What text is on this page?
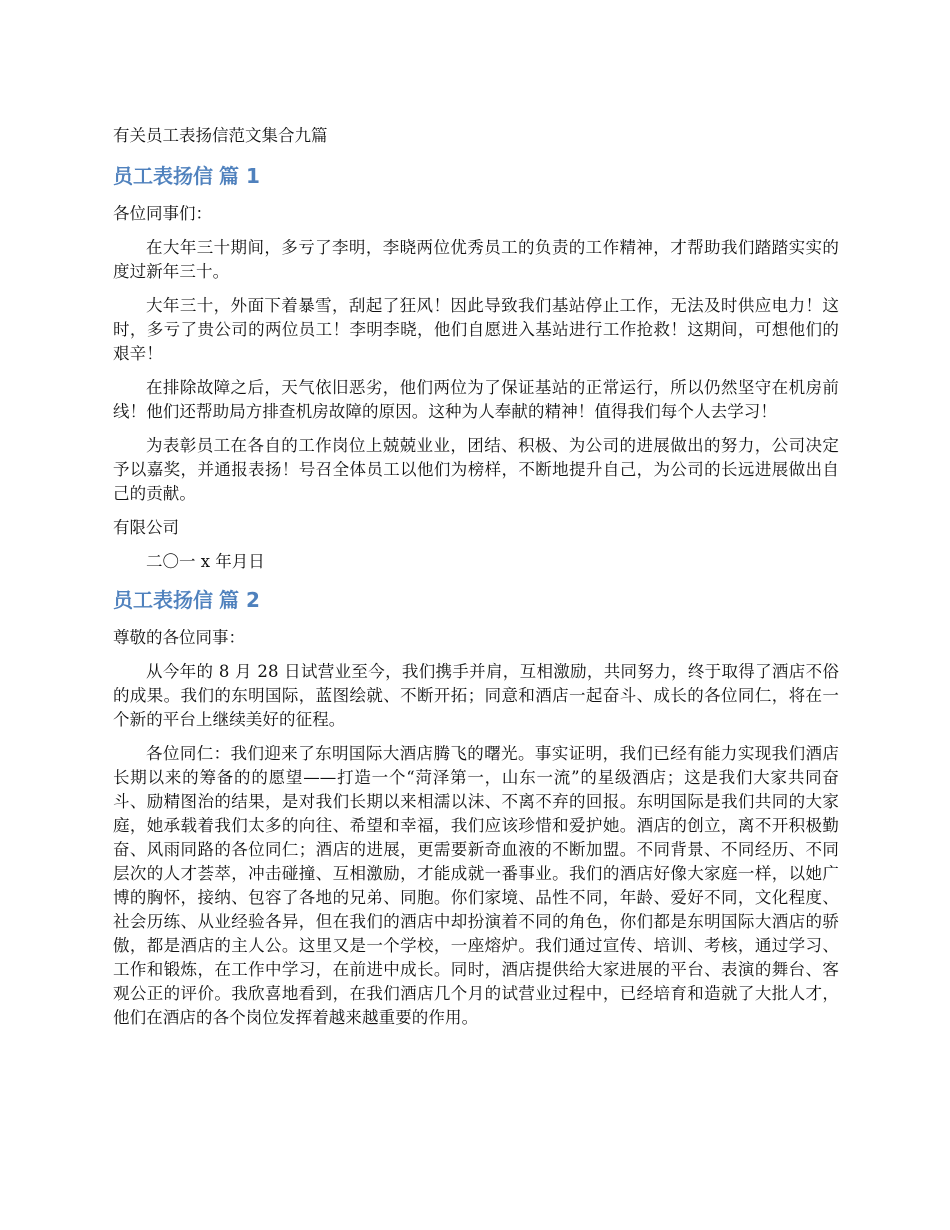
有关员工表扬信范文集合九篇
员工表扬信 篇 1
各位同事们：

在大年三十期间，多亏了李明，李晓两位优秀员工的负责的工作精神，才帮助我们踏踏实实的度过新年三十。

大年三十，外面下着暴雪，刮起了狂风！因此导致我们基站停止工作，无法及时供应电力！这时，多亏了贵公司的两位员工！李明李晓，他们自愿进入基站进行工作抢救！这期间，可想他们的艰辛！

在排除故障之后，天气依旧恶劣，他们两位为了保证基站的正常运行，所以仍然坚守在机房前线！他们还帮助局方排查机房故障的原因。这种为人奉献的精神！值得我们每个人去学习！

为表彰员工在各自的工作岗位上兢兢业业，团结、积极、为公司的进展做出的努力，公司决定予以嘉奖，并通报表扬！号召全体员工以他们为榜样，不断地提升自己，为公司的长远进展做出自己的贡献。

有限公司
二〇一 x 年月日
员工表扬信 篇 2
尊敬的各位同事：

从今年的 8 月 28 日试营业至今，我们携手并肩，互相激励，共同努力，终于取得了酒店不俗的成果。我们的东明国际，蓝图绘就、不断开拓；同意和酒店一起奋斗、成长的各位同仁，将在一个新的平台上继续美好的征程。

各位同仁：我们迎来了东明国际大酒店腾飞的曙光。事实证明，我们已经有能力实现我们酒店长期以来的筹备的的愿望——打造一个“菏泽第一，山东一流”的星级酒店；这是我们大家共同奋斗、励精图治的结果，是对我们长期以来相濡以沫、不离不弃的回报。东明国际是我们共同的大家庭，她承载着我们太多的向往、希望和幸福，我们应该珍惜和爱护她。酒店的创立，离不开积极勤奋、风雨同路的各位同仁；酒店的进展，更需要新奇血液的不断加盟。不同背景、不同经历、不同层次的人才荟萃，冲击碰撞、互相激励，才能成就一番事业。我们的酒店好像大家庭一样，以她广博的胸怀，接纳、包容了各地的兄弟、同胞。你们家境、品性不同，年龄、爱好不同，文化程度、社会历练、从业经验各异，但在我们的酒店中却扮演着不同的角色，你们都是东明国际大酒店的骄傲，都是酒店的主人公。这里又是一个学校，一座熔炉。我们通过宣传、培训、考核，通过学习、工作和锻炼，在工作中学习，在前进中成长。同时，酒店提供给大家进展的平台、表演的舞台、客观公正的评价。我欣喜地看到，在我们酒店几个月的试营业过程中，已经培育和造就了大批人才，他们在酒店的各个岗位发挥着越来越重要的作用。
